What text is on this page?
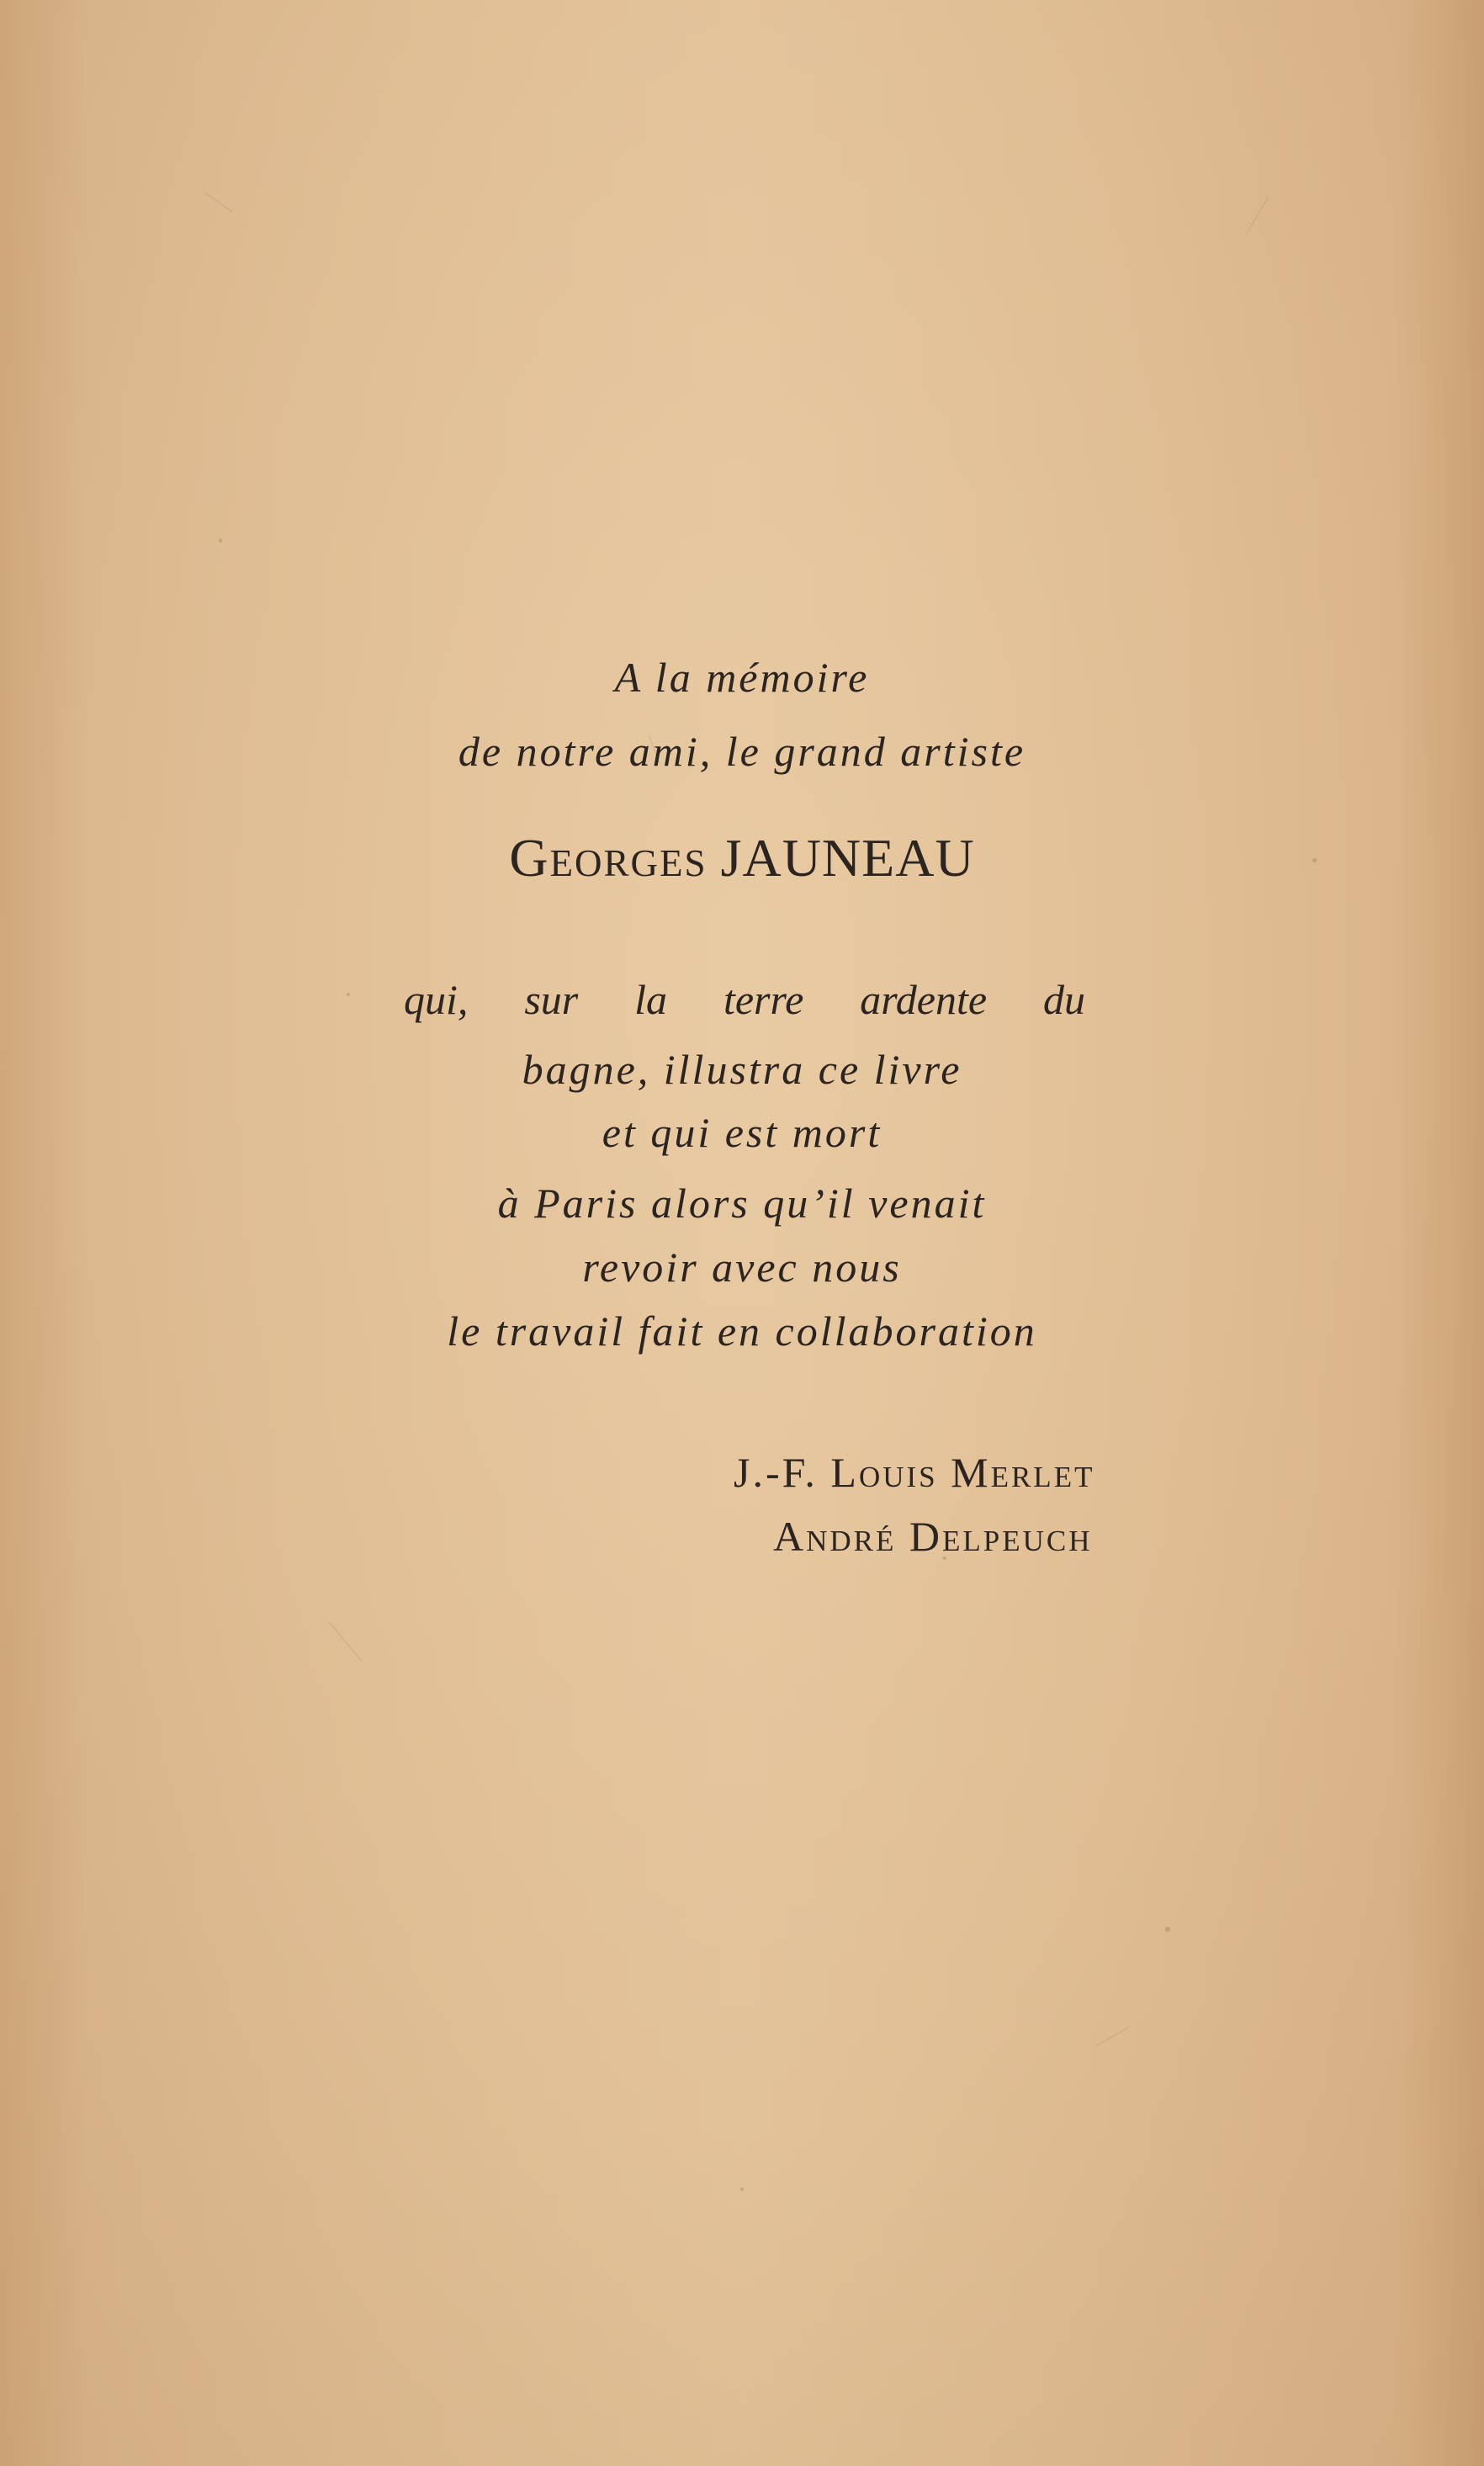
A la mémoire
de notre ami, le grand artiste
Georges JAUNEAU
qui, sur la terre ardente du
bagne, illustra ce livre
et qui est mort
à Paris alors qu’il venait
revoir avec nous
le travail fait en collaboration
J.-F. Louis Merlet
André Delpeuch
